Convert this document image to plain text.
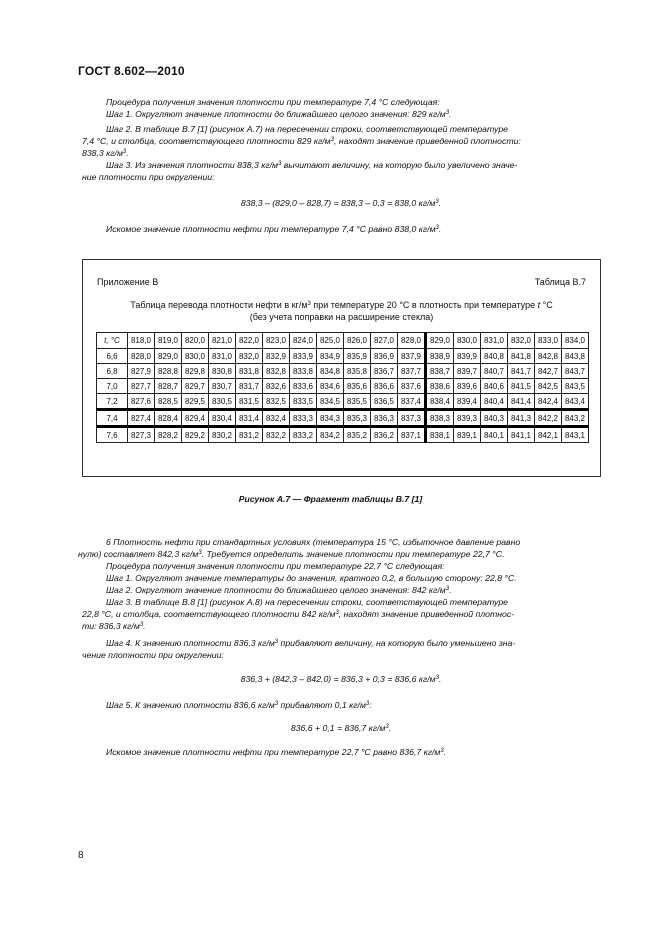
ГОСТ 8.602—2010
Процедура получения значения плотности при температуре 7,4 °С следующая:
Шаг 1. Округляют значение плотности до ближайшего целого значения: 829 $кг/м^3$.
Шаг 2. В таблице В.7 [1] (рисунок А.7) на пересечении строки, соответствующей температуре
7,4 °С, и столбца, соответствующего плотности 829 $кг/м^3$, находят значение приведенной плотности:
838,3 $кг/м^3$.
Шаг 3. Из значения плотности 838,3 $кг/м^3$ вычитают величину, на которую было увеличено значе-
ние плотности при округлении:
838,3 – (829,0 – 828,7) = 838,3 – 0,3 = 838,0 $кг/м^3$.
Искомое значение плотности нефти при температуре 7,4 °С равно 838,0 $кг/м^3$.
Приложение В	Таблица В.7
Таблица перевода плотности нефти в $кг/м^3$ при температуре 20 °С в плотность при температуре t °С
(без учета поправки на расширение стекла)
t, °С	818,0	819,0	820,0	821,0	822,0	823,0	824,0	825,0	826,0	827,0	828,0	829,0	830,0	831,0	832,0	833,0	834,0
6,6	828,0	829,0	830,0	831,0	832,0	832,9	833,9	834,9	835,9	836,9	837,9	838,9	839,9	840,8	841,8	842,8	843,8
6,8	827,9	828,8	829,8	830,8	831,8	832,8	833,8	834,8	835,8	836,7	837,7	838,7	839,7	840,7	841,7	842,7	843,7
7,0	827,7	828,7	829,7	830,7	831,7	832,6	833,6	834,6	835,6	836,6	837,6	838,6	839,6	840,6	841,5	842,5	843,5
7,2	827,6	828,5	829,5	830,5	831,5	832,5	833,5	834,5	835,5	836,5	837,4	838,4	839,4	840,4	841,4	842,4	843,4
7,4	827,4	828,4	829,4	830,4	831,4	832,4	833,3	834,3	835,3	836,3	837,3	838,3	839,3	840,3	841,3	842,2	843,2
7,6	827,3	828,2	829,2	830,2	831,2	832,2	833,2	834,2	835,2	836,2	837,1	838,1	839,1	840,1	841,1	842,1	843,1
Рисунок А.7 — Фрагмент таблицы В.7 [1]
6 Плотность нефти при стандартных условиях (температура 15 °С, избыточное давление равно
нулю) составляет 842,3 $кг/м^3$. Требуется определить значение плотности при температуре 22,7 °С.
Процедура получения значения плотности при температуре 22,7 °С следующая:
Шаг 1. Округляют значение температуры до значения, кратного 0,2, в большую сторону: 22,8 °С.
Шаг 2. Округляют значение плотности до ближайшего целого значения: 842 $кг/м^3$.
Шаг 3. В таблице В.8 [1] (рисунок А.8) на пересечении строки, соответствующей температуре
22,8 °С, и столбца, соответствующего плотности 842 $кг/м^3$, находят значение приведенной плотнос-
ти: 836,3 $кг/м^3$.
Шаг 4. К значению плотности 836,3 $кг/м^3$ прибавляют величину, на которую было уменьшено зна-
чение плотности при округлении:
836,3 + (842,3 – 842,0) = 836,3 + 0,3 = 836,6 $кг/м^3$.
Шаг 5. К значению плотности 836,6 $кг/м^3$ прибавляют 0,1 $кг/м^3$:
836,6 + 0,1 = 836,7 $кг/м^3$.
Искомое значение плотности нефти при температуре 22,7 °С равно 836,7 $кг/м^3$.
8
